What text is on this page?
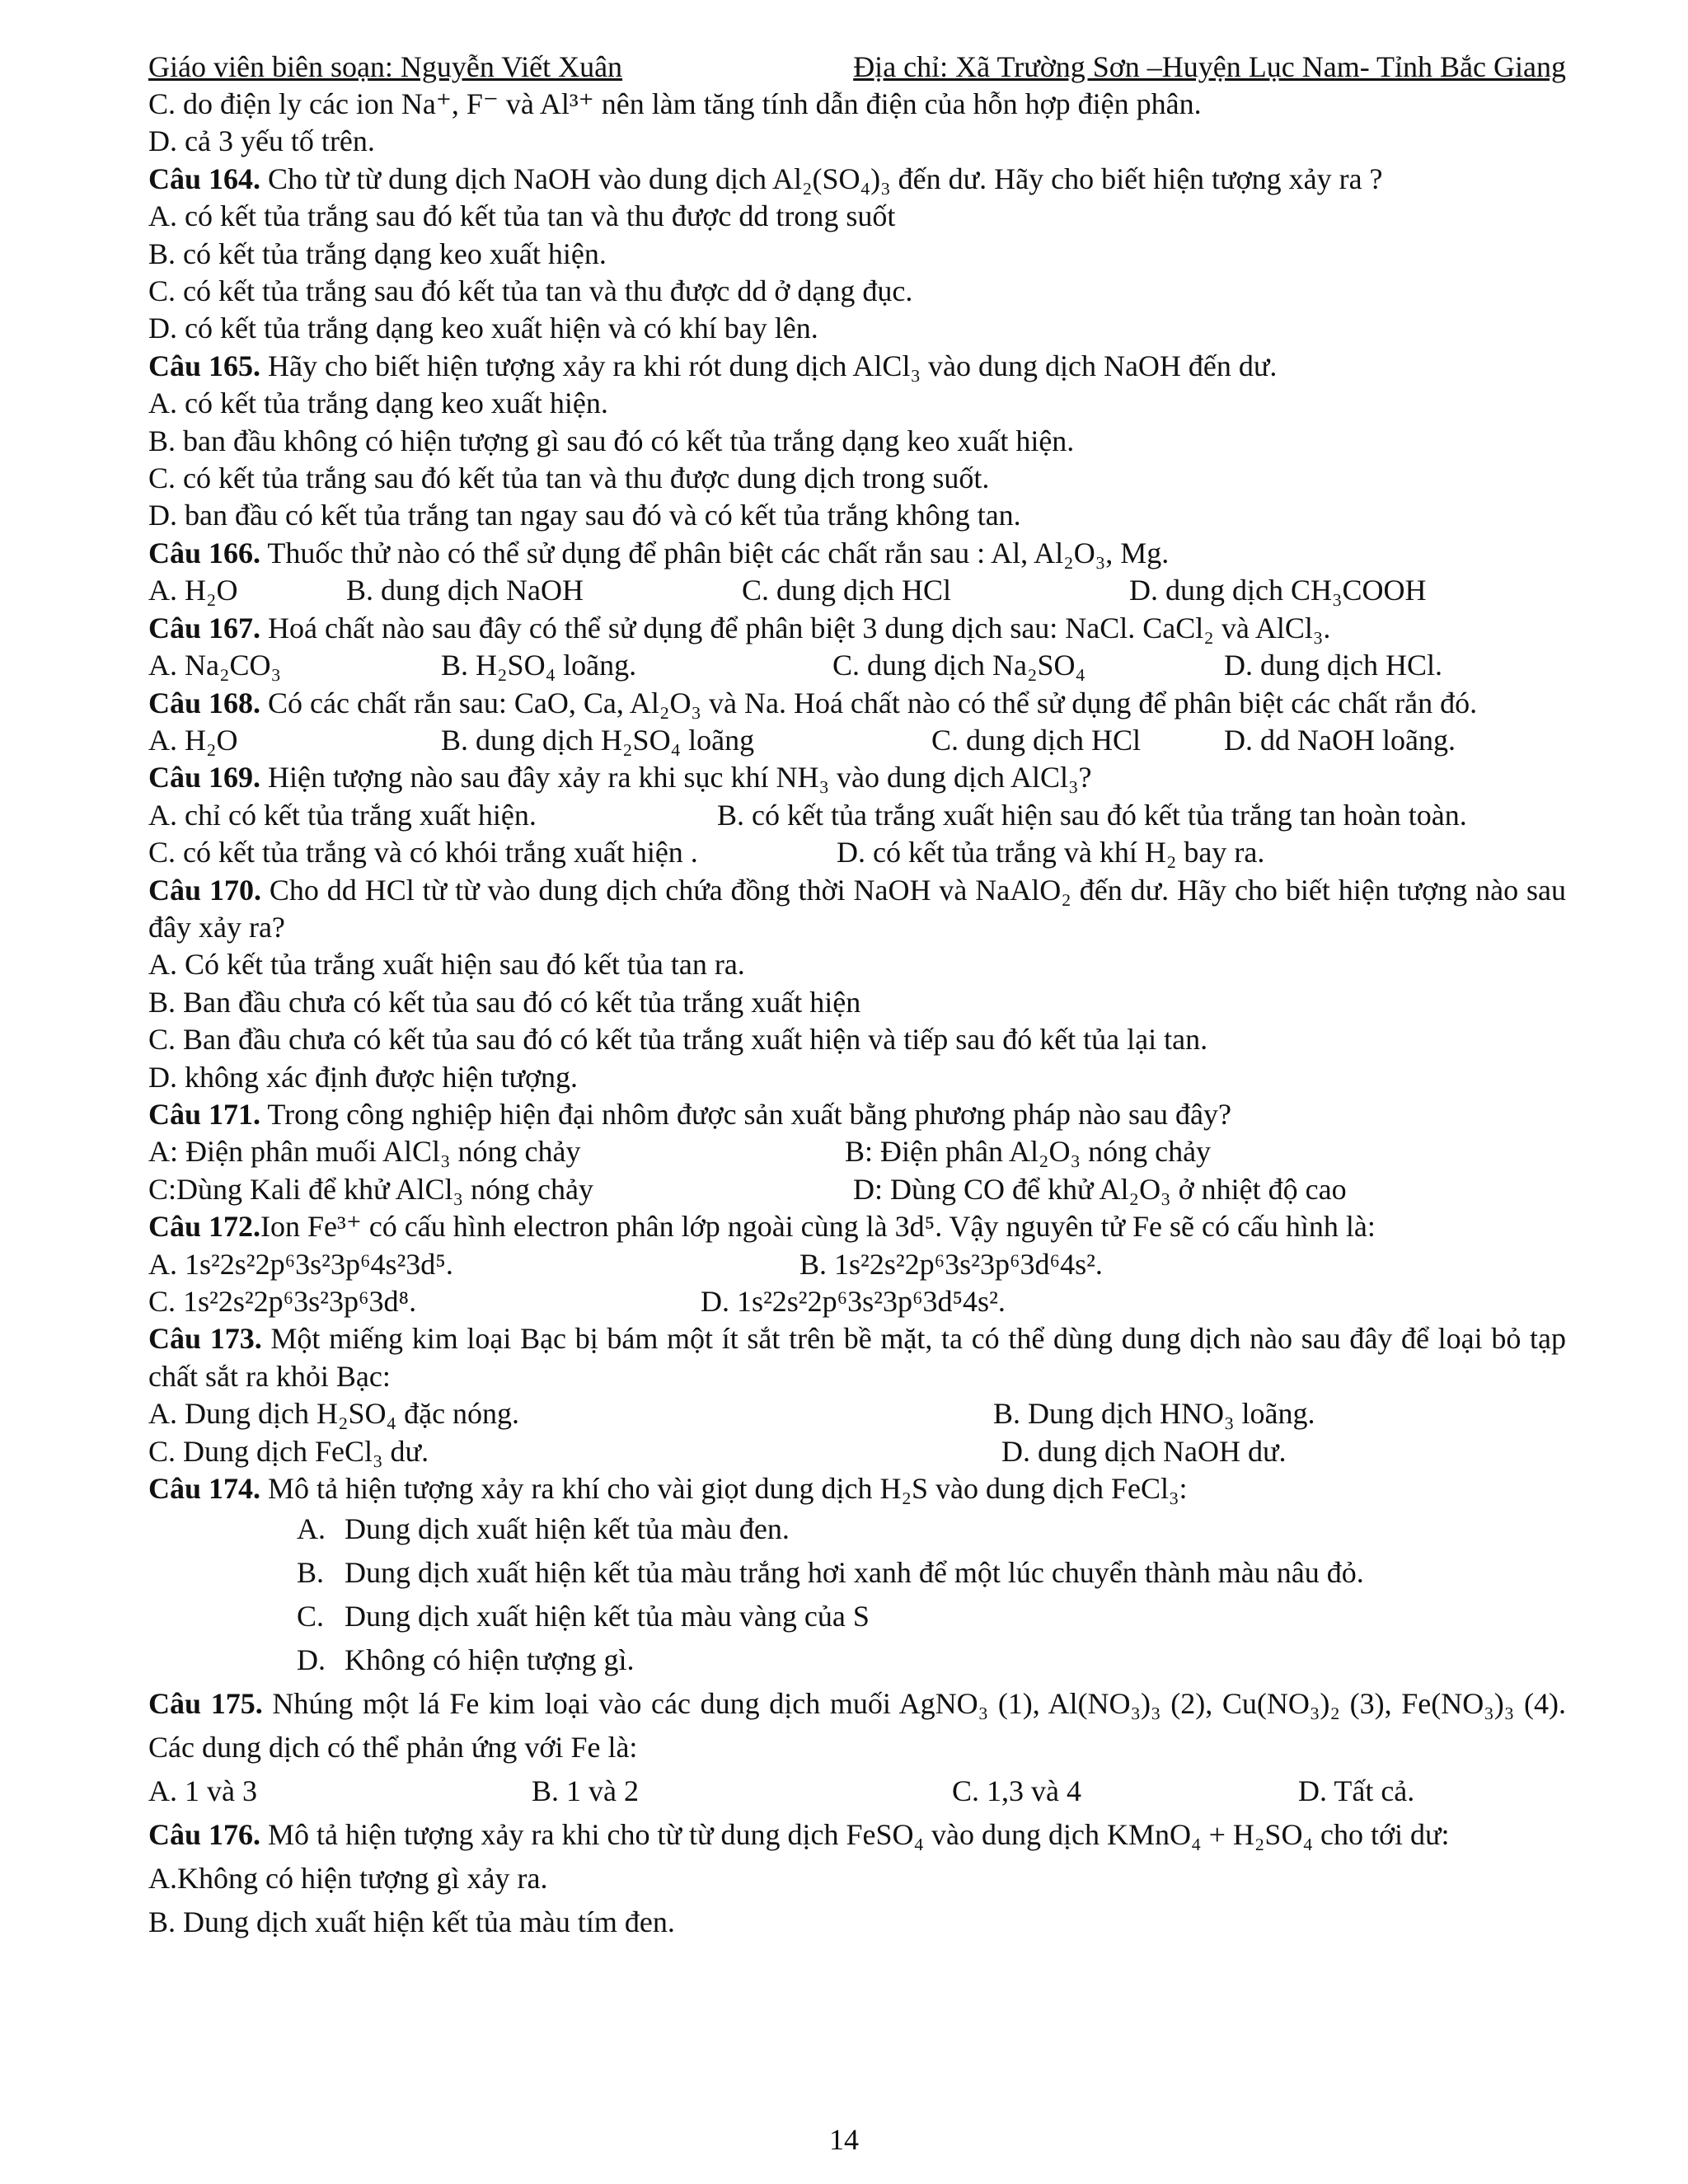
Giáo viên biên soạn: Nguyễn Viết Xuân	Địa chỉ: Xã Trường Sơn –Huyện Lục Nam- Tỉnh Bắc Giang
C. do điện ly các ion Na⁺, F⁻ và Al³⁺ nên làm tăng tính dẫn điện của hỗn hợp điện phân.
D. cả 3 yếu tố trên.
Câu 164. Cho từ từ dung dịch NaOH vào dung dịch Al₂(SO₄)₃ đến dư. Hãy cho biết hiện tượng xảy ra ?
A. có kết tủa trắng sau đó kết tủa tan và thu được dd trong suốt
B. có kết tủa trắng dạng keo xuất hiện.
C. có kết tủa trắng sau đó kết tủa tan và thu được dd ở dạng đục.
D. có kết tủa trắng dạng keo xuất hiện và có khí bay lên.
Câu 165. Hãy cho biết hiện tượng xảy ra khi rót dung dịch AlCl₃ vào dung dịch NaOH đến dư.
A. có kết tủa trắng dạng keo xuất hiện.
B. ban đầu không có hiện tượng gì sau đó có kết tủa trắng dạng keo xuất hiện.
C. có kết tủa trắng sau đó kết tủa tan và thu được dung dịch trong suốt.
D. ban đầu có kết tủa trắng tan ngay sau đó và có kết tủa trắng không tan.
Câu 166. Thuốc thử nào có thể sử dụng để phân biệt các chất rắn sau : Al, Al₂O₃, Mg.
A. H₂O	B. dung dịch NaOH	C. dung dịch HCl	D. dung dịch CH₃COOH
Câu 167. Hoá chất nào sau đây có thể sử dụng để phân biệt 3 dung dịch sau: NaCl. CaCl₂ và AlCl₃.
A. Na₂CO₃	B. H₂SO₄ loãng.	C. dung dịch Na₂SO₄	D. dung dịch HCl.
Câu 168. Có các chất rắn sau: CaO, Ca, Al₂O₃ và Na. Hoá chất nào có thể sử dụng để phân biệt các chất rắn đó.
A. H₂O	B. dung dịch H₂SO₄ loãng	C. dung dịch HCl	D. dd NaOH loãng.
Câu 169. Hiện tượng nào sau đây xảy ra khi sục khí NH₃ vào dung dịch AlCl₃?
A. chỉ có kết tủa trắng xuất hiện.	B. có kết tủa trắng xuất hiện sau đó kết tủa trắng tan hoàn toàn.
C. có kết tủa trắng và có khói trắng xuất hiện .	D. có kết tủa trắng và khí H₂ bay ra.
Câu 170. Cho dd HCl từ từ vào dung dịch chứa đồng thời NaOH và NaAlO₂ đến dư. Hãy cho biết hiện tượng nào sau đây xảy ra?
A. Có kết tủa trắng xuất hiện sau đó kết tủa tan ra.
B. Ban đầu chưa có kết tủa sau đó có kết tủa trắng xuất hiện
C. Ban đầu chưa có kết tủa sau đó có kết tủa trắng xuất hiện và tiếp sau đó kết tủa lại tan.
D. không xác định được hiện tượng.
Câu 171. Trong công nghiệp hiện đại nhôm được sản xuất bằng phương pháp nào sau đây?
A: Điện phân muối AlCl₃ nóng chảy	B: Điện phân Al₂O₃ nóng chảy
C:Dùng Kali để khử AlCl₃ nóng chảy	D: Dùng CO để khử Al₂O₃ ở nhiệt độ cao
Câu 172.Ion Fe³⁺ có cấu hình electron phân lớp ngoài cùng là 3d⁵. Vậy nguyên tử Fe sẽ có cấu hình là:
A. 1s²2s²2p⁶3s²3p⁶4s²3d⁵.	B. 1s²2s²2p⁶3s²3p⁶3d⁶4s².
C. 1s²2s²2p⁶3s²3p⁶3d⁸.	D. 1s²2s²2p⁶3s²3p⁶3d⁵4s².
Câu 173. Một miếng kim loại Bạc bị bám một ít sắt trên bề mặt, ta có thể dùng dung dịch nào sau đây để loại bỏ tạp chất sắt ra khỏi Bạc:
A. Dung dịch H₂SO₄ đặc nóng.	B. Dung dịch HNO₃ loãng.
C. Dung dịch FeCl₃ dư.	D. dung dịch NaOH dư.
Câu 174. Mô tả hiện tượng xảy ra khí cho vài giọt dung dịch H₂S vào dung dịch FeCl₃:
A. Dung dịch xuất hiện kết tủa màu đen.
B. Dung dịch xuất hiện kết tủa màu trắng hơi xanh để một lúc chuyển thành màu nâu đỏ.
C. Dung dịch xuất hiện kết tủa màu vàng của S
D. Không có hiện tượng gì.
Câu 175. Nhúng một lá Fe kim loại vào các dung dịch muối AgNO₃ (1), Al(NO₃)₃ (2), Cu(NO₃)₂ (3), Fe(NO₃)₃ (4). Các dung dịch có thể phản ứng với Fe là:
A. 1 và 3	B. 1 và 2	C. 1,3 và 4	D. Tất cả.
Câu 176. Mô tả hiện tượng xảy ra khi cho từ từ dung dịch FeSO₄ vào dung dịch KMnO₄ + H₂SO₄ cho tới dư:
A.Không có hiện tượng gì xảy ra.
B. Dung dịch xuất hiện kết tủa màu tím đen.
14
